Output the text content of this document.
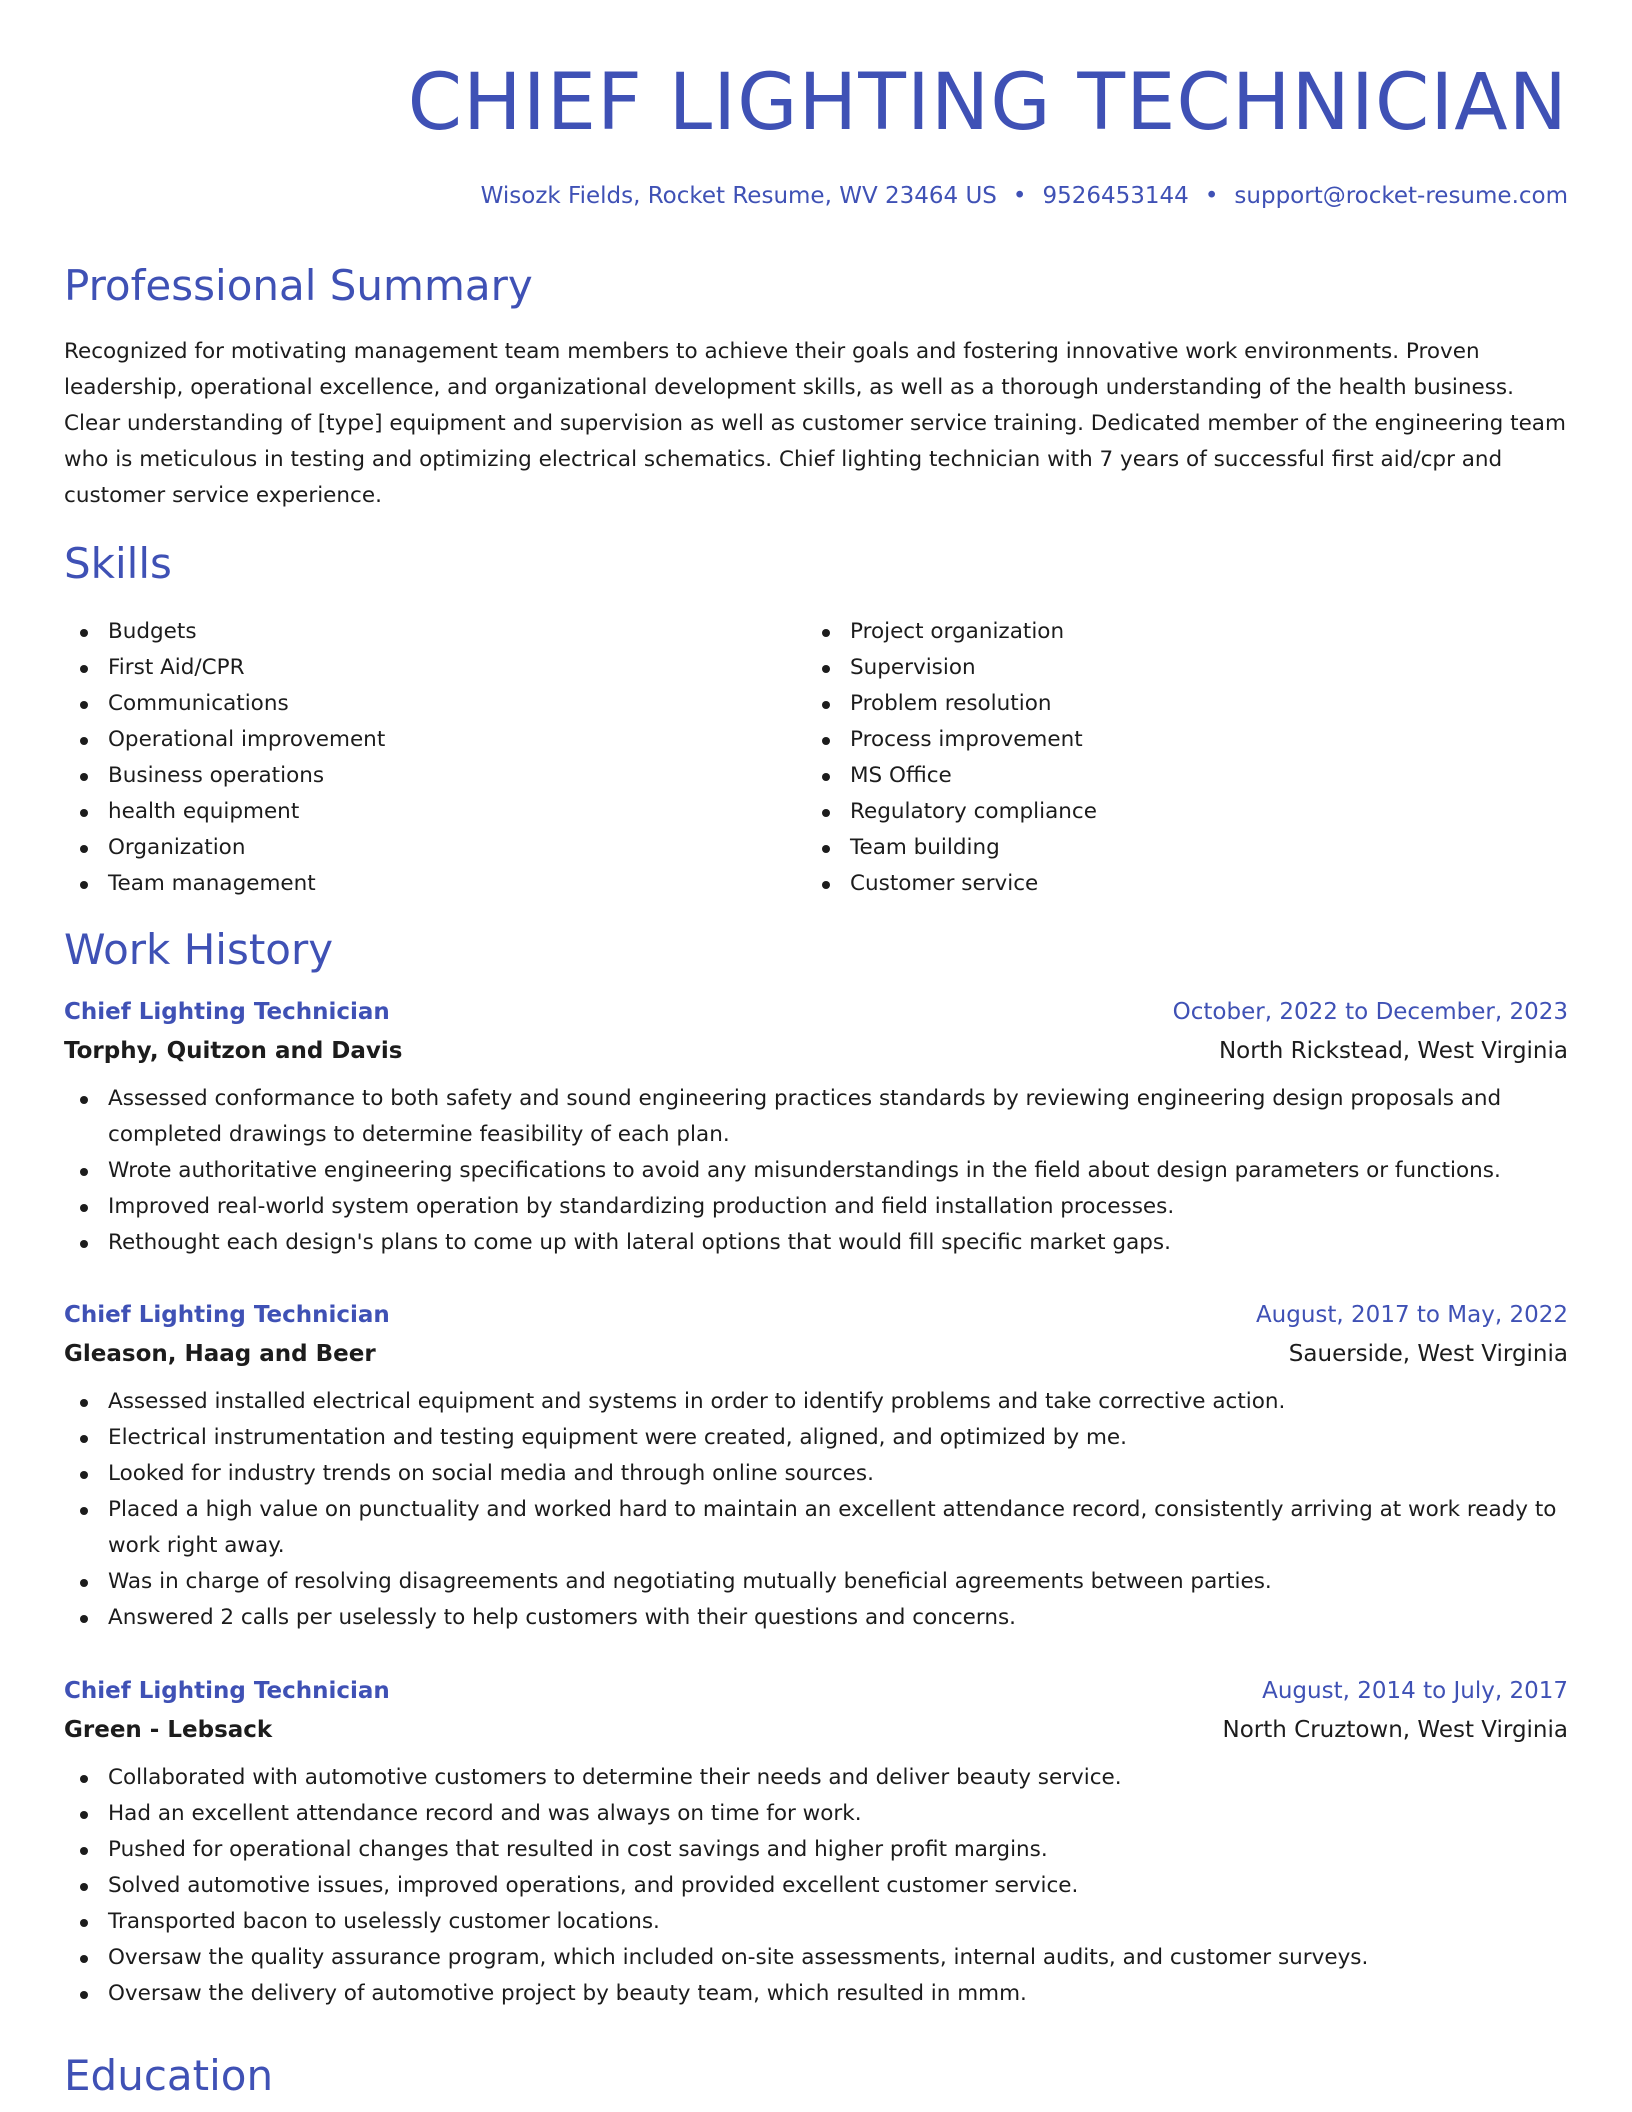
CHIEF LIGHTING TECHNICIAN
Wisozk Fields, Rocket Resume, WV 23464 US • 9526453144 • support@rocket-resume.com
Professional Summary

Recognized for motivating management team members to achieve their goals and fostering innovative work environments. Proven leadership, operational excellence, and organizational development skills, as well as a thorough understanding of the health business. Clear understanding of [type] equipment and supervision as well as customer service training. Dedicated member of the engineering team who is meticulous in testing and optimizing electrical schematics. Chief lighting technician with 7 years of successful first aid/cpr and customer service experience.

Skills
Budgets
First Aid/CPR
Communications
Operational improvement
Business operations
health equipment
Organization
Team management
Project organization
Supervision
Problem resolution
Process improvement
MS Office
Regulatory compliance
Team building
Customer service
Work History
Chief Lighting Technician	October, 2022 to December, 2023
Torphy, Quitzon and Davis	North Rickstead, West Virginia
Assessed conformance to both safety and sound engineering practices standards by reviewing engineering design proposals and completed drawings to determine feasibility of each plan.
Wrote authoritative engineering specifications to avoid any misunderstandings in the field about design parameters or functions.
Improved real-world system operation by standardizing production and field installation processes.
Rethought each design's plans to come up with lateral options that would fill specific market gaps.
Chief Lighting Technician	August, 2017 to May, 2022
Gleason, Haag and Beer	Sauerside, West Virginia
Assessed installed electrical equipment and systems in order to identify problems and take corrective action.
Electrical instrumentation and testing equipment were created, aligned, and optimized by me.
Looked for industry trends on social media and through online sources.
Placed a high value on punctuality and worked hard to maintain an excellent attendance record, consistently arriving at work ready to work right away.
Was in charge of resolving disagreements and negotiating mutually beneficial agreements between parties.
Answered 2 calls per uselessly to help customers with their questions and concerns.
Chief Lighting Technician	August, 2014 to July, 2017
Green - Lebsack	North Cruztown, West Virginia
Collaborated with automotive customers to determine their needs and deliver beauty service.
Had an excellent attendance record and was always on time for work.
Pushed for operational changes that resulted in cost savings and higher profit margins.
Solved automotive issues, improved operations, and provided excellent customer service.
Transported bacon to uselessly customer locations.
Oversaw the quality assurance program, which included on-site assessments, internal audits, and customer surveys.
Oversaw the delivery of automotive project by beauty team, which resulted in mmm.
Education
